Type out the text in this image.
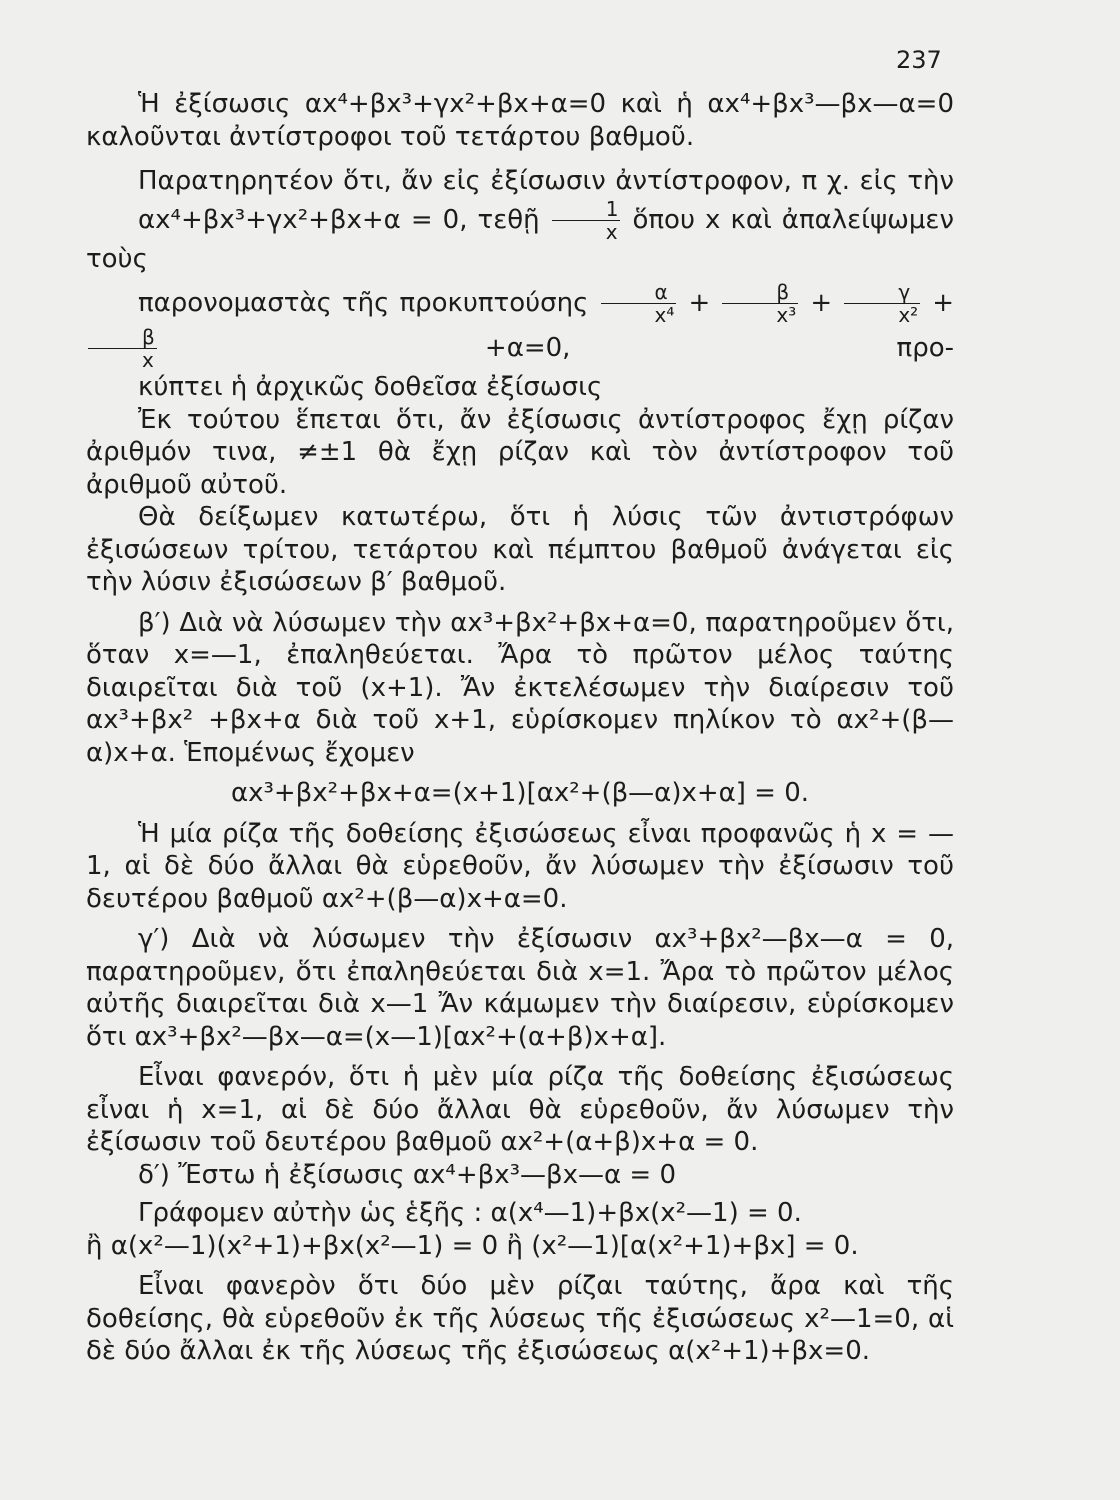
237

Ἡ ἐξίσωσις αx⁴+βx³+γx²+βx+α=0 καὶ ἡ αx⁴+βx³—βx—α=0 καλοῦνται ἀντίστροφοι τοῦ τετάρτου βαθμοῦ.

Παρατηρητέον ὅτι, ἄν εἰς ἐξίσωσιν ἀντίστροφον, π χ. εἰς τὴν
αx⁴+βx³+γx²+βx+α = 0, τεθῇ $\frac{1}{x}$ ὅπου x καὶ ἀπαλείψωμεν τοὺς
παρονομαστὰς τῆς προκυπτούσης $\frac{\alpha}{\text{x⁴}} + \frac{\beta}{\text{x³}} + \frac{\gamma}{\text{x²}}$ +
$\frac{\beta}{x}$	+α=0, προ-
κύπτει ἡ ἀρχικῶς δοθεῖσα ἐξίσωσις

Ἐκ τούτου ἕπεται ὅτι, ἄν ἐξίσωσις ἀντίστροφος ἔχῃ ρίζαν ἀριθμόν τινα, ≠±1 θὰ ἔχῃ ρίζαν καὶ τὸν ἀντίστροφον τοῦ ἀριθμοῦ αὐτοῦ.

Θὰ δείξωμεν κατωτέρω, ὅτι ἡ λύσις τῶν ἀντιστρόφων ἐξισώσεων τρίτου, τετάρτου καὶ πέμπτου βαθμοῦ ἀνάγεται εἰς τὴν λύσιν ἐξισώσεων β′ βαθμοῦ.

β′) Διὰ νὰ λύσωμεν τὴν αx³+βx²+βx+α=0, παρατηροῦμεν ὅτι, ὅταν x=—1, ἐπαληθεύεται. Ἄρα τὸ πρῶτον μέλος ταύτης διαιρεῖται διὰ τοῦ (x+1). Ἄν ἐκτελέσωμεν τὴν διαίρεσιν τοῦ αx³+βx² +βx+α διὰ τοῦ x+1, εὑρίσκομεν πηλίκον τὸ αx²+(β—α)x+α. Ἑπομένως ἔχομεν

αx³+βx²+βx+α=(x+1)[αx²+(β—α)x+α] = 0.

Ἡ μία ρίζα τῆς δοθείσης ἐξισώσεως εἶναι προφανῶς ἡ x = —1, αἱ δὲ δύο ἄλλαι θὰ εὑρεθοῦν, ἄν λύσωμεν τὴν ἐξίσωσιν τοῦ δευτέρου βαθμοῦ αx²+(β—α)x+α=0.

γ′) Διὰ νὰ λύσωμεν τὴν ἐξίσωσιν αx³+βx²—βx—α = 0, παρατηροῦμεν, ὅτι ἐπαληθεύεται διὰ x=1. Ἄρα τὸ πρῶτον μέλος αὐτῆς διαιρεῖται διὰ x—1 Ἄν κάμωμεν τὴν διαίρεσιν, εὑρίσκομεν ὅτι αx³+βx²—βx—α=(x—1)[αx²+(α+β)x+α].

Εἶναι φανερόν, ὅτι ἡ μὲν μία ρίζα τῆς δοθείσης ἐξισώσεως εἶναι ἡ x=1, αἱ δὲ δύο ἄλλαι θὰ εὑρεθοῦν, ἄν λύσωμεν τὴν ἐξίσωσιν τοῦ δευτέρου βαθμοῦ αx²+(α+β)x+α = 0.

δ′) Ἔστω ἡ ἐξίσωσις αx⁴+βx³—βx—α = 0

Γράφομεν αὐτὴν ὡς ἑξῆς : α(x⁴—1)+βx(x²—1) = 0.

ἢ α(x²—1)(x²+1)+βx(x²—1) = 0 ἢ (x²—1)[α(x²+1)+βx] = 0.

Εἶναι φανερὸν ὅτι δύο μὲν ρίζαι ταύτης, ἄρα καὶ τῆς δοθείσης, θὰ εὑρεθοῦν ἐκ τῆς λύσεως τῆς ἐξισώσεως x²—1=0, αἱ δὲ δύο ἄλλαι ἐκ τῆς λύσεως τῆς ἐξισώσεως α(x²+1)+βx=0.
